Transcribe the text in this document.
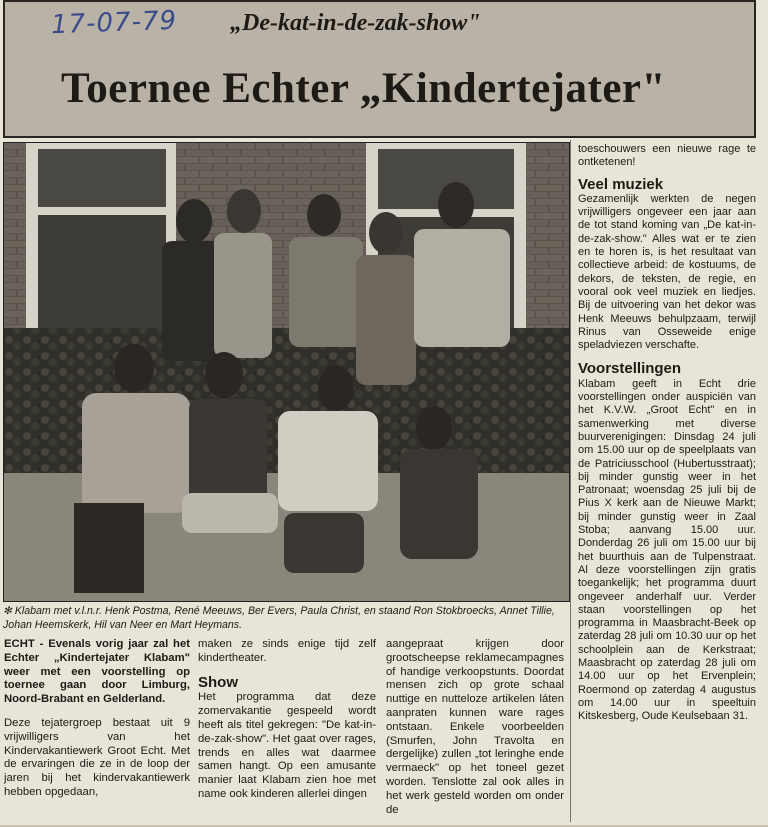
17-07-79 „De-kat-in-de-zak-show"
Toernee Echter „Kindertejater"
✻ Klabam met v.l.n.r. Henk Postma, René Meeuws, Ber Evers, Paula Christ, en staand Ron Stokbroecks, Annet Tillie, Johan Heemskerk, Hil van Neer en Mart Heymans.

ECHT - Evenals vorig jaar zal het Echter „Kindertejater Klabam" weer met een voorstelling op toernee gaan door Limburg, Noord-Brabant en Gelderland.

Deze tejatergroep bestaat uit 9 vrijwilligers van het Kindervakantiewerk Groot Echt. Met de ervaringen die ze in de loop der jaren bij het kindervakantiewerk hebben opgedaan,

maken ze sinds enige tijd zelf kindertheater.

Show

Het programma dat deze zomervakantie gespeeld wordt heeft als titel gekregen: "De kat-in-de-zak-show". Het gaat over rages, trends en alles wat daarmee samen hangt. Op een amusante manier laat Klabam zien hoe met name ook kinderen allerlei dingen

aangepraat krijgen door grootscheepse reklamecampagnes of handige verkoopstunts. Doordat mensen zich op grote schaal nuttige en nutteloze artikelen láten aanpraten kunnen ware rages ontstaan. Enkele voorbeelden (Smurfen, John Travolta en dergelijke) zullen „tot leringhe ende vermaeck" op het toneel gezet worden. Tenslotte zal ook alles in het werk gesteld worden om onder de

toeschouwers een nieuwe rage te ontketenen!

Veel muziek

Gezamenlijk werkten de negen vrijwilligers ongeveer een jaar aan de tot stand koming van „De kat-in-de-zak-show." Alles wat er te zien en te horen is, is het resultaat van collectieve arbeid: de kostuums, de dekors, de teksten, de regie, en vooral ook veel muziek en liedjes. Bij de uitvoering van het dekor was Henk Meeuws behulpzaam, terwijl Rinus van Osseweide enige speladviezen verschafte.

Voorstellingen

Klabam geeft in Echt drie voorstellingen onder auspiciën van het K.V.W. „Groot Echt" en in samenwerking met diverse buurverenigingen: Dinsdag 24 juli om 15.00 uur op de speelplaats van de Patriciusschool (Hubertusstraat); bij minder gunstig weer in het Patronaat; woensdag 25 juli bij de Pius X kerk aan de Nieuwe Markt; bij minder gunstig weer in Zaal Stoba; aanvang 15.00 uur. Donderdag 26 juli om 15.00 uur bij het buurthuis aan de Tulpenstraat. Al deze voorstellingen zijn gratis toegankelijk; het programma duurt ongeveer anderhalf uur. Verder staan voorstellingen op het programma in Maasbracht-Beek op zaterdag 28 juli om 10.30 uur op het schoolplein aan de Kerkstraat; Maasbracht op zaterdag 28 juli om 14.00 uur op het Ervenplein; Roermond op zaterdag 4 augustus om 14.00 uur in speeltuin Kitskesberg, Oude Keulsebaan 31.
